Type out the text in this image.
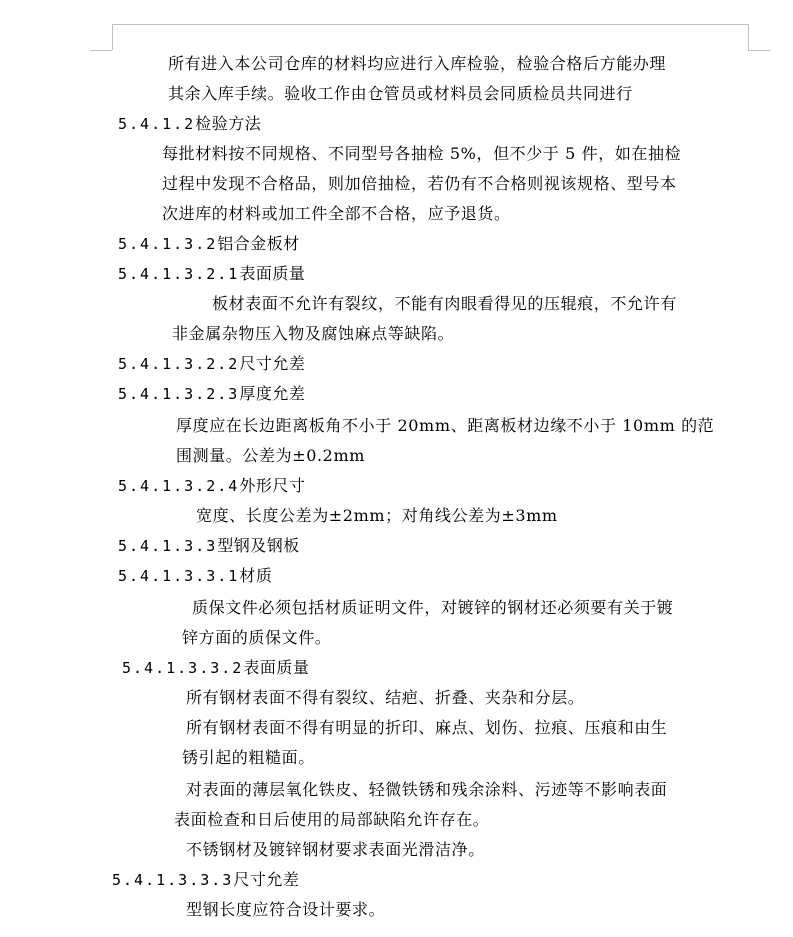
所有进入本公司仓库的材料均应进行入库检验，检验合格后方能办理
其余入库手续。验收工作由仓管员或材料员会同质检员共同进行
5.4.1.2检验方法
每批材料按不同规格、不同型号各抽检 5%，但不少于 5 件，如在抽检
过程中发现不合格品，则加倍抽检，若仍有不合格则视该规格、型号本
次进库的材料或加工件全部不合格，应予退货。
5.4.1.3.2铝合金板材
5.4.1.3.2.1表面质量
板材表面不允许有裂纹，不能有肉眼看得见的压辊痕，不允许有
非金属杂物压入物及腐蚀麻点等缺陷。
5.4.1.3.2.2尺寸允差
5.4.1.3.2.3厚度允差
厚度应在长边距离板角不小于 20mm、距离板材边缘不小于 10mm 的范
围测量。公差为±0.2mm
5.4.1.3.2.4外形尺寸
宽度、长度公差为±2mm；对角线公差为±3mm
5.4.1.3.3型钢及钢板
5.4.1.3.3.1材质
质保文件必须包括材质证明文件，对镀锌的钢材还必须要有关于镀
锌方面的质保文件。
5.4.1.3.3.2表面质量
所有钢材表面不得有裂纹、结疤、折叠、夹杂和分层。
所有钢材表面不得有明显的折印、麻点、划伤、拉痕、压痕和由生
锈引起的粗糙面。
对表面的薄层氧化铁皮、轻微铁锈和残余涂料、污迹等不影响表面
表面检查和日后使用的局部缺陷允许存在。
不锈钢材及镀锌钢材要求表面光滑洁净。
5.4.1.3.3.3尺寸允差
型钢长度应符合设计要求。
